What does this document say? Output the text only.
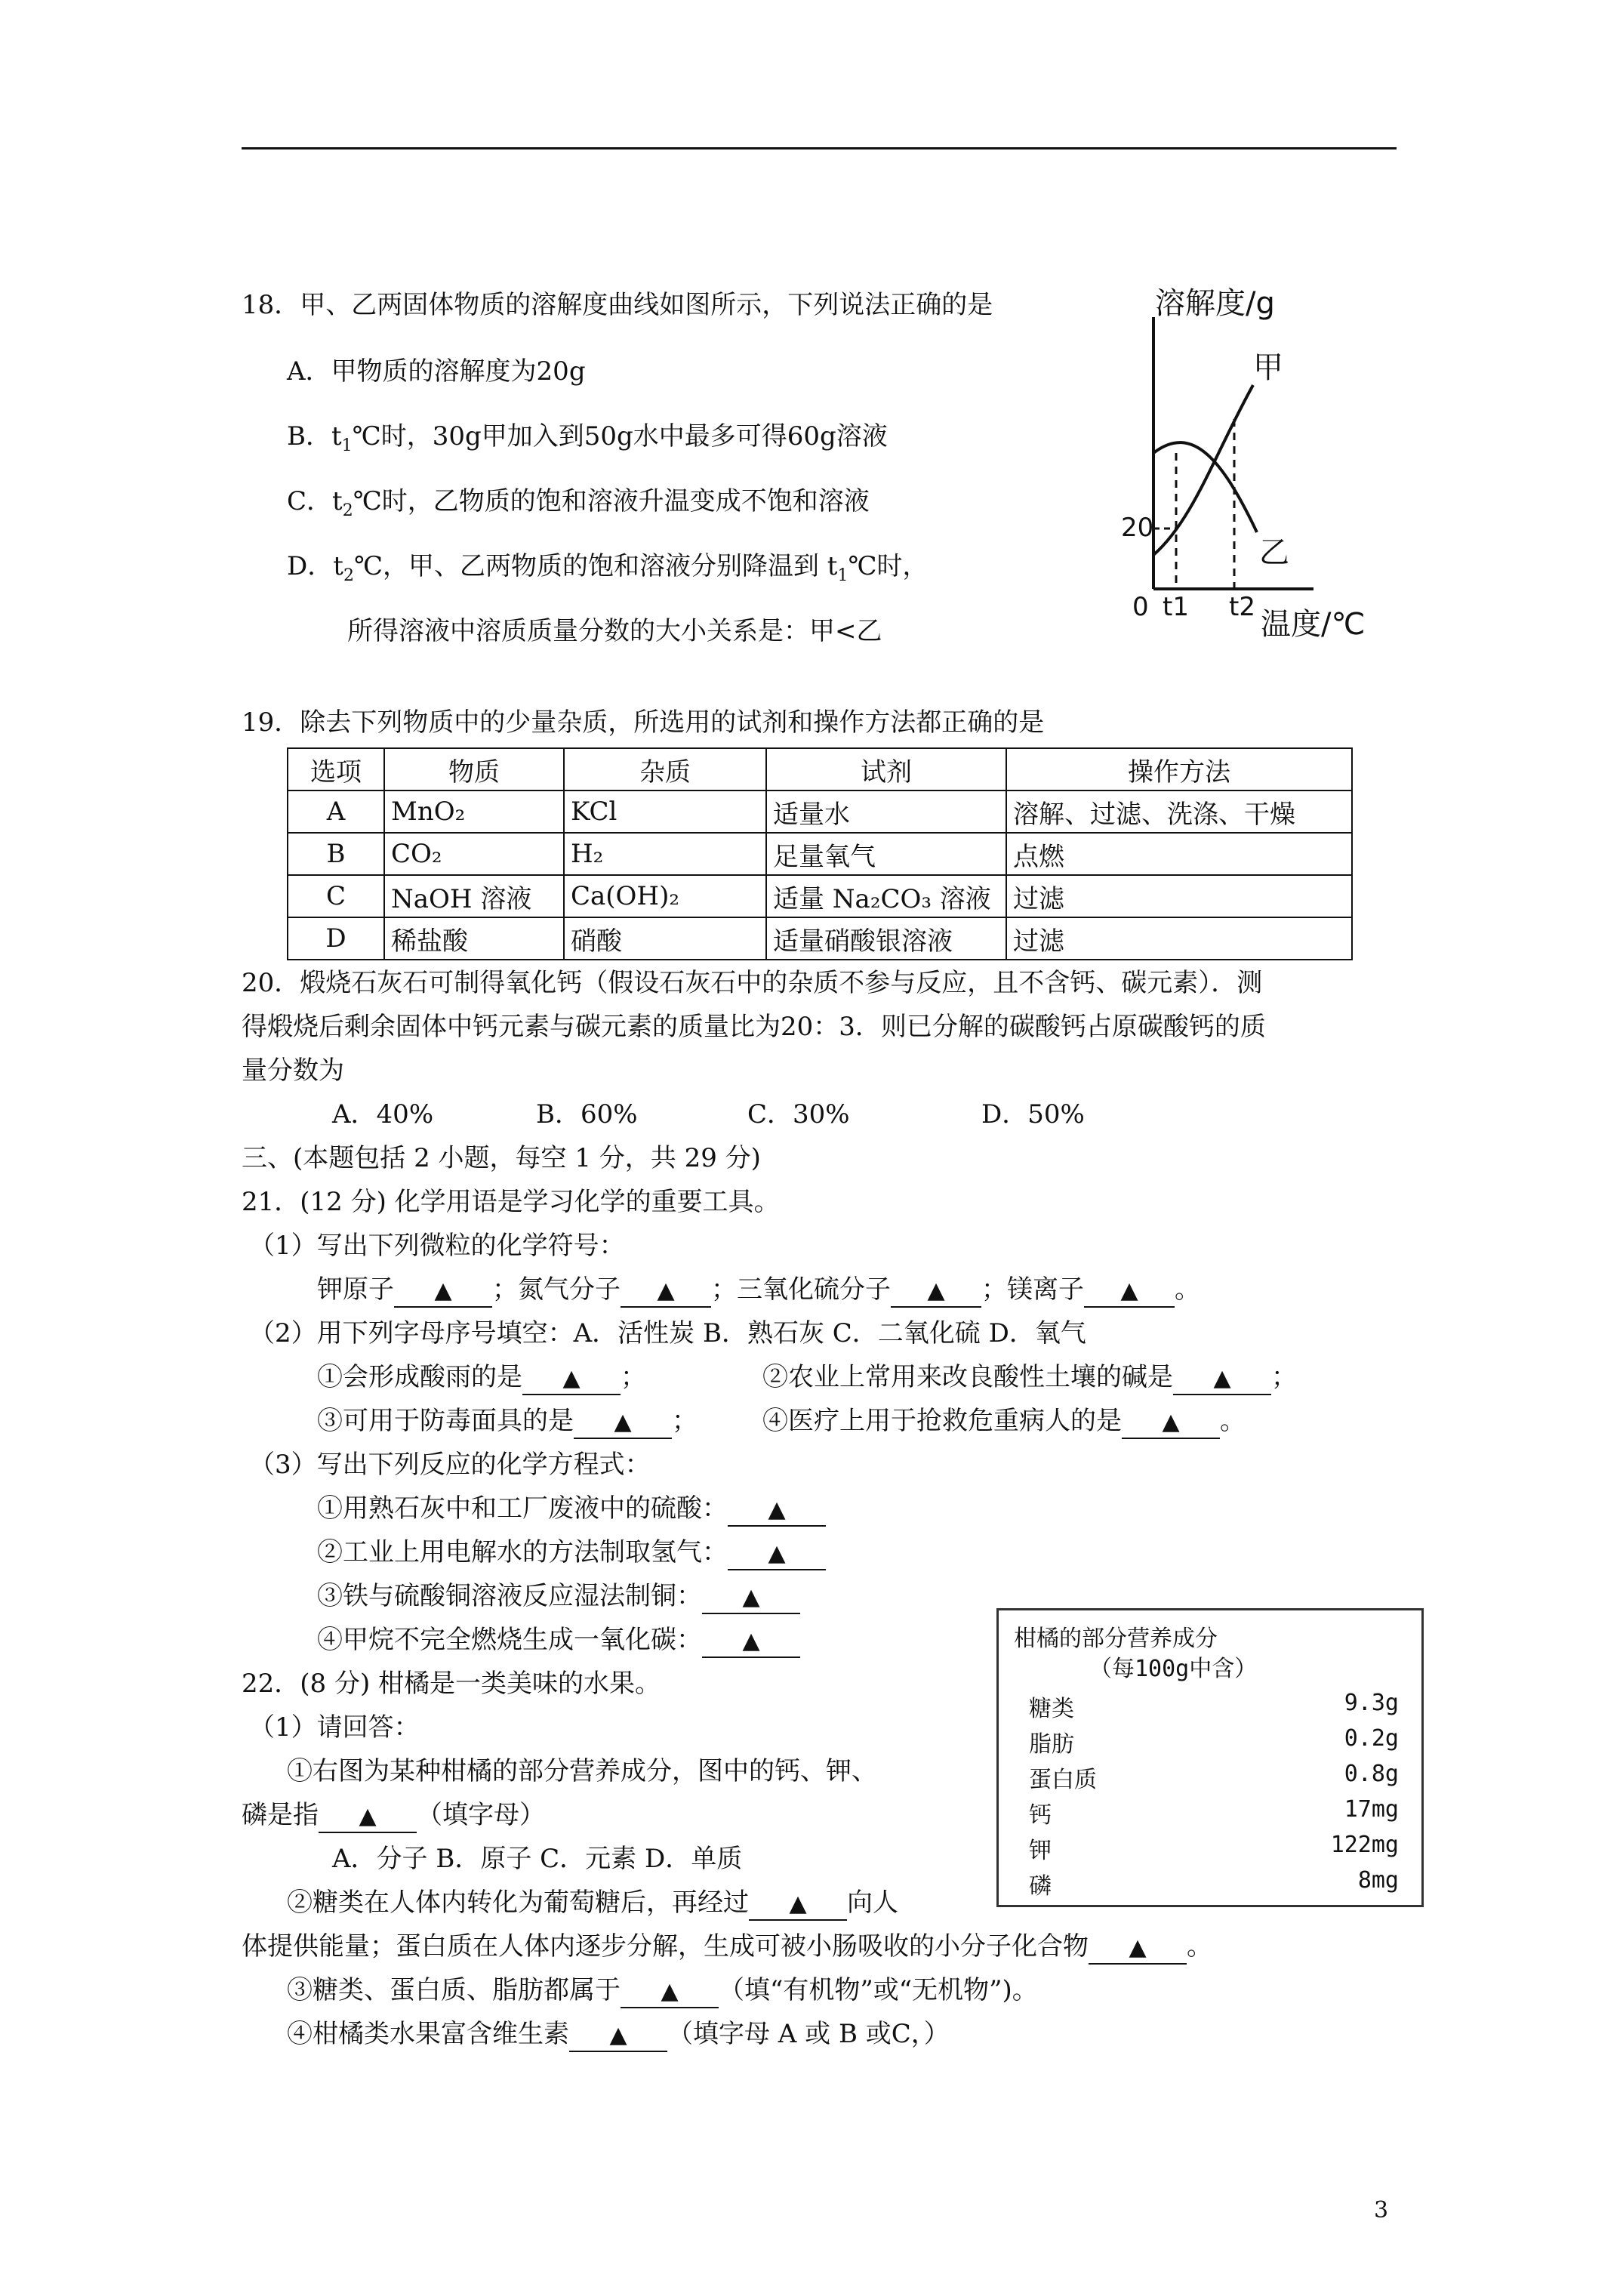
18．甲、乙两固体物质的溶解度曲线如图所示，下列说法正确的是
A．甲物质的溶解度为20g
B．$t_1℃$时，30g甲加入到50g水中最多可得60g溶液
C．$t_2℃$时，乙物质的饱和溶液升温变成不饱和溶液
D．$t_2℃$，甲、乙两物质的饱和溶液分别降温到 $t_1℃$时，
所得溶液中溶质质量分数的大小关系是：甲<乙
溶解度/g
温度/℃
0
20
t1 t2
甲
乙
19．除去下列物质中的少量杂质，所选用的试剂和操作方法都正确的是
选项	物质	杂质	试剂	操作方法
A	MnO₂	KCl	适量水	溶解、过滤、洗涤、干燥
B	CO₂	H₂	足量氧气	点燃
C	NaOH 溶液	Ca(OH)₂	适量 Na₂CO₃ 溶液	过滤
D	稀盐酸	硝酸	适量硝酸银溶液	过滤
20．煅烧石灰石可制得氧化钙（假设石灰石中的杂质不参与反应，且不含钙、碳元素）．测
得煅烧后剩余固体中钙元素与碳元素的质量比为20：3．则已分解的碳酸钙占原碳酸钙的质
量分数为
A．40%	B．60%	C．30%	D．50%
三、(本题包括 2 小题，每空 1 分，共 29 分)
21．(12 分) 化学用语是学习化学的重要工具。
（1）写出下列微粒的化学符号：
钾原子 ▲ ；氮气分子 ▲ ；三氧化硫分子 ▲ ；镁离子 ▲ 。
（2）用下列字母序号填空：A．活性炭 B．熟石灰 C．二氧化硫 D．氧气
①会形成酸雨的是 ▲ ；	②农业上常用来改良酸性土壤的碱是 ▲ ；
③可用于防毒面具的是 ▲ ；	④医疗上用于抢救危重病人的是 ▲ 。
（3）写出下列反应的化学方程式：
①用熟石灰中和工厂废液中的硫酸： ▲
②工业上用电解水的方法制取氢气： ▲
③铁与硫酸铜溶液反应湿法制铜： ▲
④甲烷不完全燃烧生成一氧化碳： ▲
22．(8 分) 柑橘是一类美味的水果。
（1）请回答：
①右图为某种柑橘的部分营养成分，图中的钙、钾、
磷是指 ▲ （填字母）
A．分子 B．原子 C．元素 D．单质
②糖类在人体内转化为葡萄糖后，再经过 ▲ 向人
体提供能量；蛋白质在人体内逐步分解，生成可被小肠吸收的小分子化合物 ▲ 。
③糖类、蛋白质、脂肪都属于 ▲ （填“有机物”或“无机物”)。
④柑橘类水果富含维生素 ▲ （填字母 A 或 B 或C，）
柑橘的部分营养成分
（每100g中含）
糖类	9.3g
脂肪	0.2g
蛋白质	0.8g
钙	17mg
钾	122mg
磷	8mg
3
